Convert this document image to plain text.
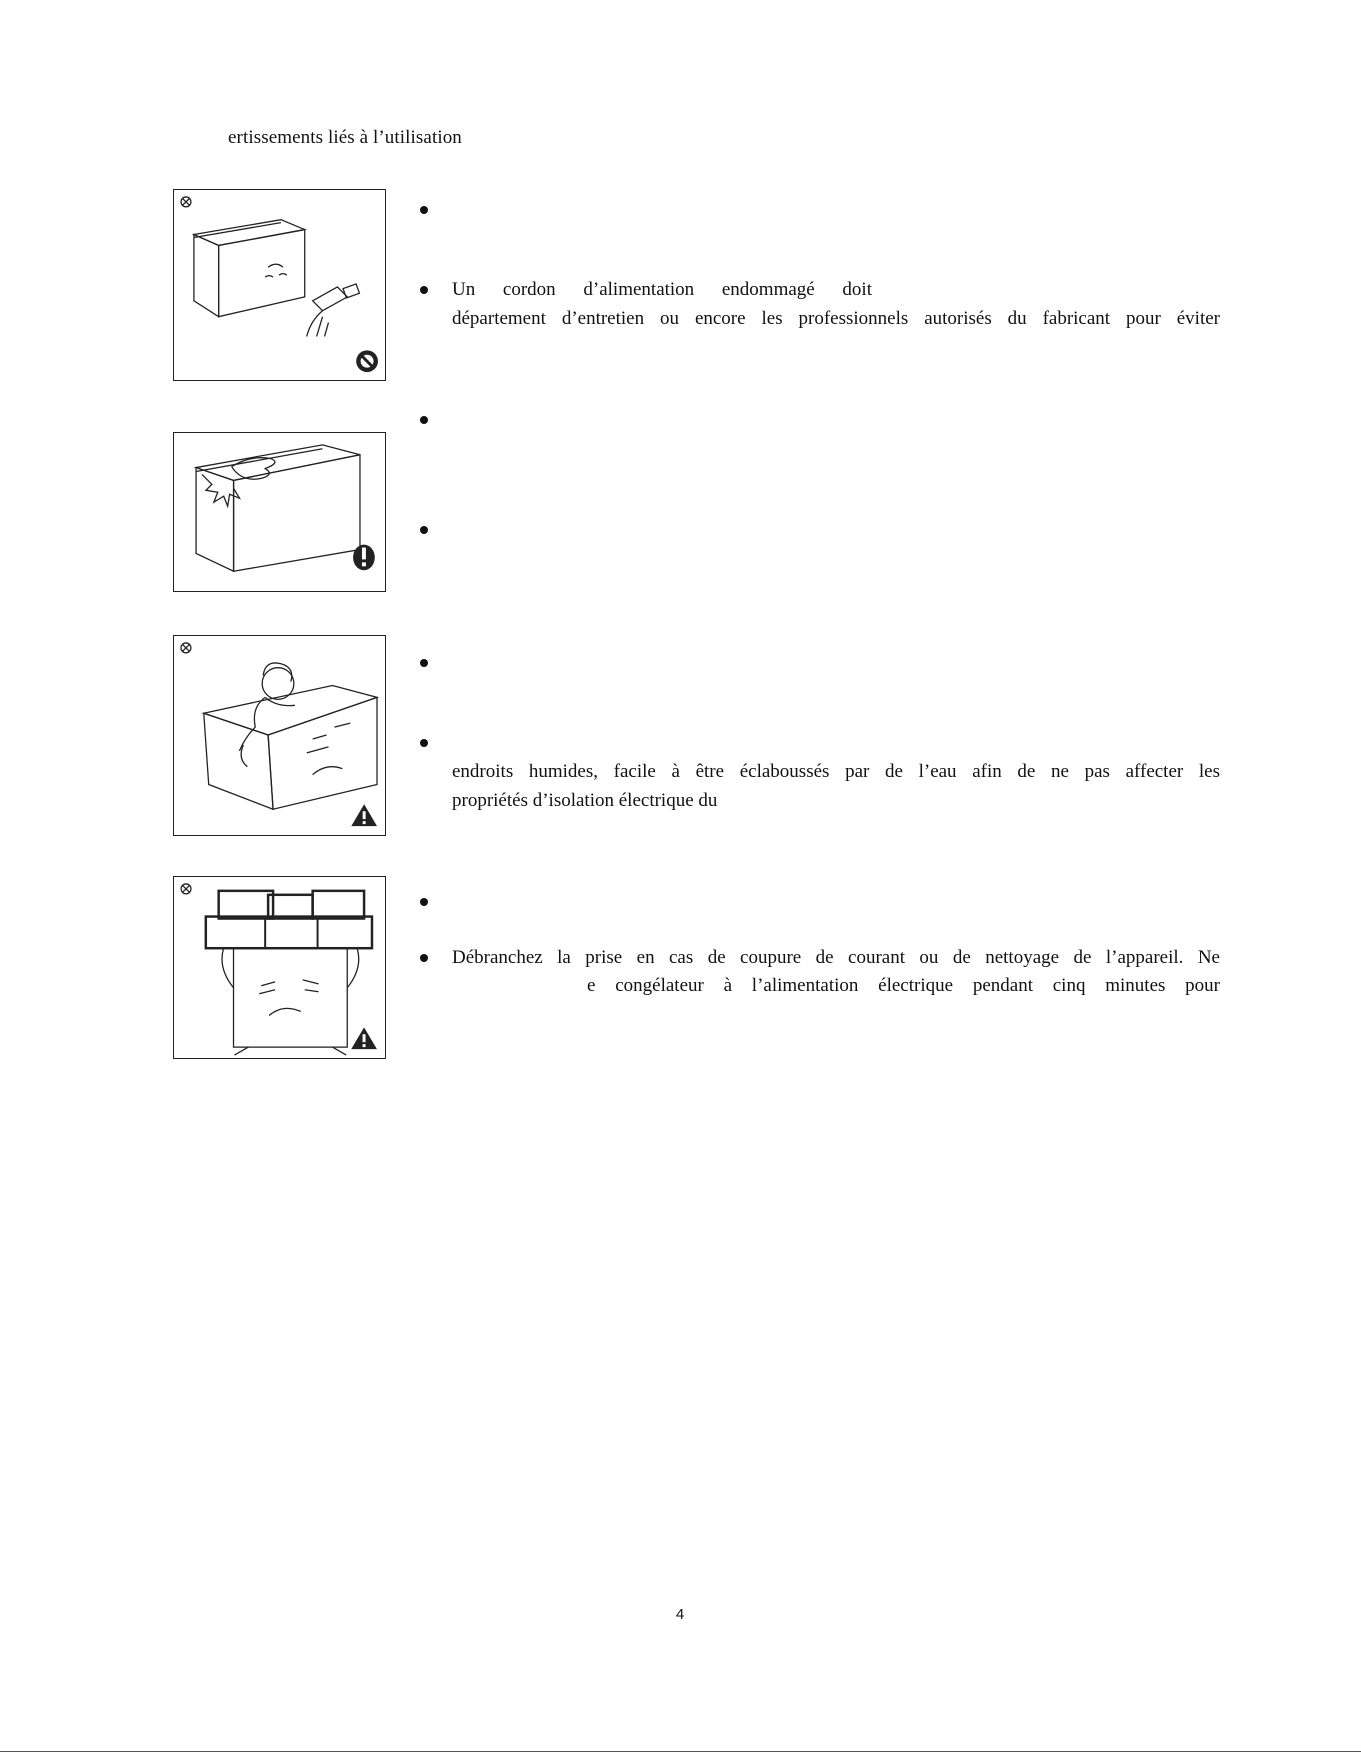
ertissements liés à l’utilisation
Un cordon d’alimentation endommagé doit
département d’entretien ou encore les professionnels autorisés du fabricant pour éviter
endroits humides, facile à être éclaboussés par de l’eau afin de ne pas affecter les
propriétés d’isolation électrique du
Débranchez la prise en cas de coupure de courant ou de nettoyage de l’appareil. Ne
e congélateur à l’alimentation électrique pendant cinq minutes pour
4
